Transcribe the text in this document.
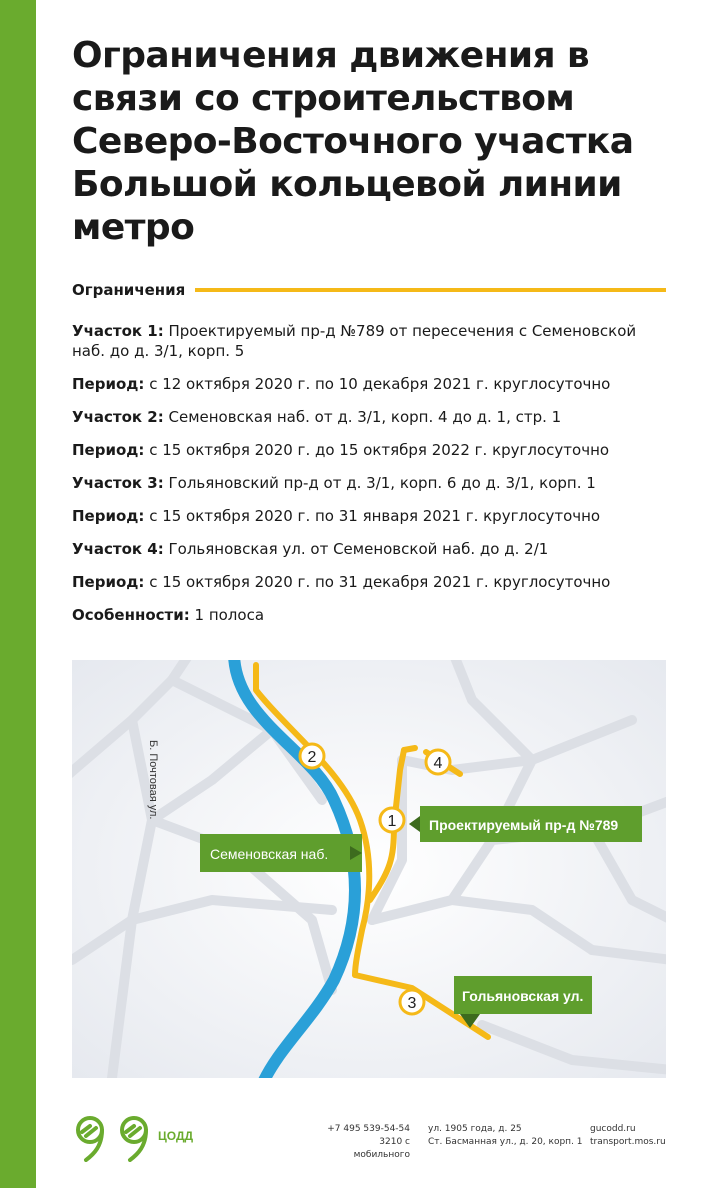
Ограничения движения в связи со строительством Северо-Восточного участка Большой кольцевой линии метро
Ограничения

Участок 1: Проектируемый пр-д №789 от пересечения с Семеновской наб. до д. 3/1, корп. 5

Период: с 12 октября 2020 г. по 10 декабря 2021 г. круглосуточно

Участок 2: Семеновская наб. от д. 3/1, корп. 4 до д. 1, стр. 1

Период: с 15 октября 2020 г. до 15 октября 2022 г. круглосуточно

Участок 3: Гольяновский пр-д от д. 3/1, корп. 6 до д. 3/1, корп. 1

Период: с 15 октября 2020 г. по 31 января 2021 г. круглосуточно

Участок 4: Гольяновская ул. от Семеновской наб. до д. 2/1

Период: с 15 октября 2020 г. по 31 декабря 2021 г. круглосуточно

Особенности: 1 полоса

Б. Почтовая ул.	2	4
1
3
Семеновская наб.
Проектируемый пр-д №789
Гольяновская ул.
ЦОДД	+7 495 539-54-54
3210 с мобильного
ул. 1905 года, д. 25
Ст. Басманная ул., д. 20, корп. 1
gucodd.ru
transport.mos.ru
